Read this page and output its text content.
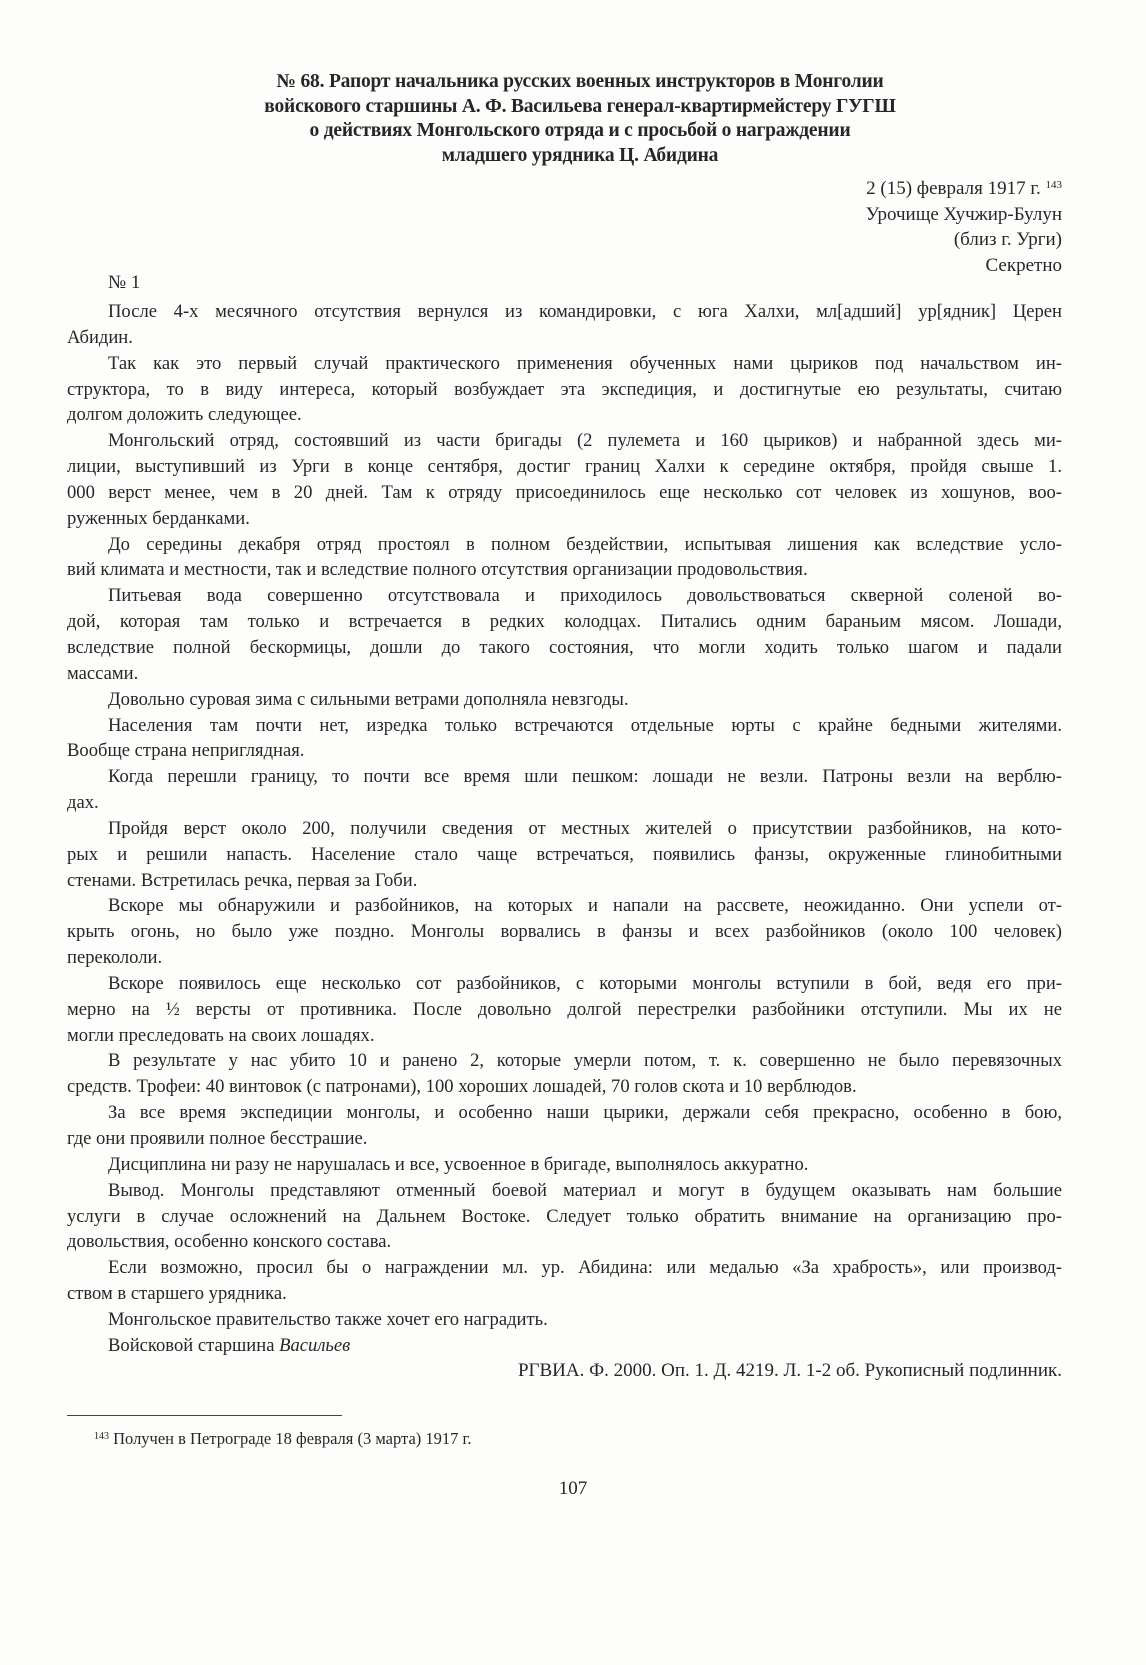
№ 68. Рапорт начальника русских военных инструкторов в Монголии
войскового старшины А. Ф. Васильева генерал-квартирмейстеру ГУГШ
о действиях Монгольского отряда и с просьбой о награждении
младшего урядника Ц. Абидина
2 (15) февраля 1917 г. $^{143}$
Урочище Хучжир-Булун
(близ г. Урги)
Секретно
№ 1
После 4-х месячного отсутствия вернулся из командировки, с юга Халхи, мл[адший] ур[ядник] Церен
Абидин.
Так как это первый случай практического применения обученных нами цыриков под начальством ин-
структора, то в виду интереса, который возбуждает эта экспедиция, и достигнутые ею результаты, считаю
долгом доложить следующее.
Монгольский отряд, состоявший из части бригады (2 пулемета и 160 цыриков) и набранной здесь ми-
лиции, выступивший из Урги в конце сентября, достиг границ Халхи к середине октября, пройдя свыше 1.
000 верст менее, чем в 20 дней. Там к отряду присоединилось еще несколько сот человек из хошунов, воо-
руженных берданками.
До середины декабря отряд простоял в полном бездействии, испытывая лишения как вследствие усло-
вий климата и местности, так и вследствие полного отсутствия организации продовольствия.
Питьевая вода совершенно отсутствовала и приходилось довольствоваться скверной соленой во-
дой, которая там только и встречается в редких колодцах. Питались одним бараньим мясом. Лошади,
вследствие полной бескормицы, дошли до такого состояния, что могли ходить только шагом и падали
массами.
Довольно суровая зима с сильными ветрами дополняла невзгоды.
Населения там почти нет, изредка только встречаются отдельные юрты с крайне бедными жителями.
Вообще страна неприглядная.
Когда перешли границу, то почти все время шли пешком: лошади не везли. Патроны везли на верблю-
дах.
Пройдя верст около 200, получили сведения от местных жителей о присутствии разбойников, на кото-
рых и решили напасть. Население стало чаще встречаться, появились фанзы, окруженные глинобитными
стенами. Встретилась речка, первая за Гоби.
Вскоре мы обнаружили и разбойников, на которых и напали на рассвете, неожиданно. Они успели от-
крыть огонь, но было уже поздно. Монголы ворвались в фанзы и всех разбойников (около 100 человек)
перекололи.
Вскоре появилось еще несколько сот разбойников, с которыми монголы вступили в бой, ведя его при-
мерно на ½ версты от противника. После довольно долгой перестрелки разбойники отступили. Мы их не
могли преследовать на своих лошадях.
В результате у нас убито 10 и ранено 2, которые умерли потом, т. к. совершенно не было перевязочных
средств. Трофеи: 40 винтовок (с патронами), 100 хороших лошадей, 70 голов скота и 10 верблюдов.
За все время экспедиции монголы, и особенно наши цырики, держали себя прекрасно, особенно в бою,
где они проявили полное бесстрашие.
Дисциплина ни разу не нарушалась и все, усвоенное в бригаде, выполнялось аккуратно.
Вывод. Монголы представляют отменный боевой материал и могут в будущем оказывать нам большие
услуги в случае осложнений на Дальнем Востоке. Следует только обратить внимание на организацию про-
довольствия, особенно конского состава.
Если возможно, просил бы о награждении мл. ур. Абидина: или медалью «За храбрость», или производ-
ством в старшего урядника.
Монгольское правительство также хочет его наградить.
Войсковой старшина Васильев
РГВИА. Ф. 2000. Оп. 1. Д. 4219. Л. 1-2 об. Рукописный подлинник.
$^{143}$ Получен в Петрограде 18 февраля (3 марта) 1917 г.
107
